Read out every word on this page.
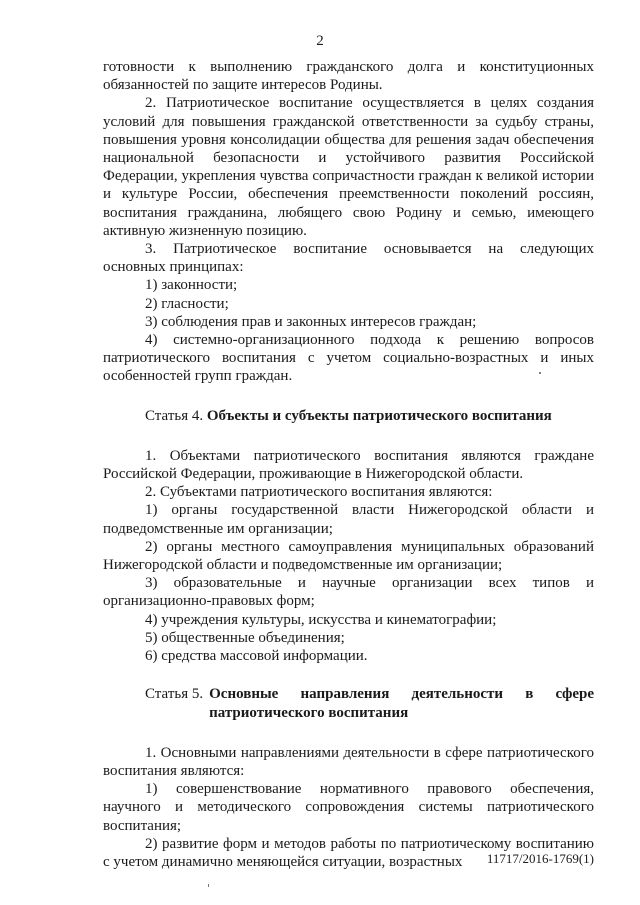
2

готовности к выполнению гражданского долга и конституционных обязанностей по защите интересов Родины.

2. Патриотическое воспитание осуществляется в целях создания условий для повышения гражданской ответственности за судьбу страны, повышения уровня консолидации общества для решения задач обеспечения национальной безопасности и устойчивого развития Российской Федерации, укрепления чувства сопричастности граждан к великой истории и культуре России, обеспечения преемственности поколений россиян, воспитания гражданина, любящего свою Родину и семью, имеющего активную жизненную позицию.

3. Патриотическое воспитание основывается на следующих основных принципах:

1) законности;

2) гласности;

3) соблюдения прав и законных интересов граждан;

4) системно-организационного подхода к решению вопросов патриотического воспитания с учетом социально-возрастных и иных особенностей групп граждан.

Статья 4. Объекты и субъекты патриотического воспитания

1. Объектами патриотического воспитания являются граждане Российской Федерации, проживающие в Нижегородской области.

2. Субъектами патриотического воспитания являются:

1) органы государственной власти Нижегородской области и подведомственные им организации;

2) органы местного самоуправления муниципальных образований Нижегородской области и подведомственные им организации;

3) образовательные и научные организации всех типов и организационно-правовых форм;

4) учреждения культуры, искусства и кинематографии;

5) общественные объединения;

6) средства массовой информации.

Статья 5. Основные направления деятельности в сфере патриотического воспитания

1. Основными направлениями деятельности в сфере патриотического воспитания являются:

1) совершенствование нормативного правового обеспечения, научного и методического сопровождения системы патриотического воспитания;

2) развитие форм и методов работы по патриотическому воспитанию с учетом динамично меняющейся ситуации, возрастных	11717/2016-1769(1)
